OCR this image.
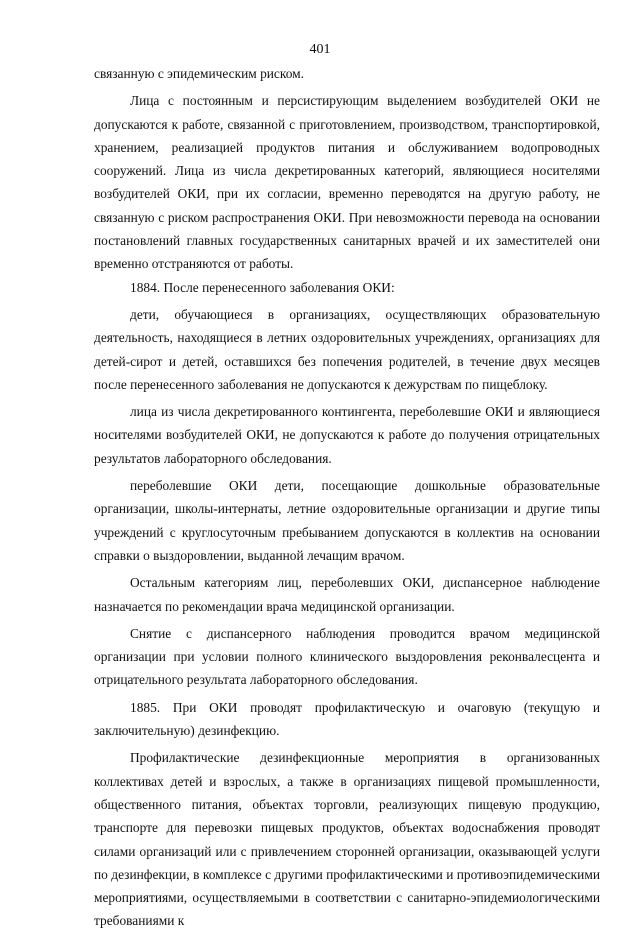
401

связанную с эпидемическим риском.

Лица с постоянным и персистирующим выделением возбудителей ОКИ не допускаются к работе, связанной с приготовлением, производством, транспортировкой, хранением, реализацией продуктов питания и обслуживанием водопроводных сооружений. Лица из числа декретированных категорий, являющиеся носителями возбудителей ОКИ, при их согласии, временно переводятся на другую работу, не связанную с риском распространения ОКИ. При невозможности перевода на основании постановлений главных государственных санитарных врачей и их заместителей они временно отстраняются от работы.

1884. После перенесенного заболевания ОКИ:

дети, обучающиеся в организациях, осуществляющих образовательную деятельность, находящиеся в летних оздоровительных учреждениях, организациях для детей-сирот и детей, оставшихся без попечения родителей, в течение двух месяцев после перенесенного заболевания не допускаются к дежурствам по пищеблоку.

лица из числа декретированного контингента, переболевшие ОКИ и являющиеся носителями возбудителей ОКИ, не допускаются к работе до получения отрицательных результатов лабораторного обследования.

переболевшие ОКИ дети, посещающие дошкольные образовательные организации, школы-интернаты, летние оздоровительные организации и другие типы учреждений с круглосуточным пребыванием допускаются в коллектив на основании справки о выздоровлении, выданной лечащим врачом.

Остальным категориям лиц, переболевших ОКИ, диспансерное наблюдение назначается по рекомендации врача медицинской организации.

Снятие с диспансерного наблюдения проводится врачом медицинской организации при условии полного клинического выздоровления реконвалесцента и отрицательного результата лабораторного обследования.

1885. При ОКИ проводят профилактическую и очаговую (текущую и заключительную) дезинфекцию.

Профилактические дезинфекционные мероприятия в организованных коллективах детей и взрослых, а также в организациях пищевой промышленности, общественного питания, объектах торговли, реализующих пищевую продукцию, транспорте для перевозки пищевых продуктов, объектах водоснабжения проводят силами организаций или с привлечением сторонней организации, оказывающей услуги по дезинфекции, в комплексе с другими профилактическими и противоэпидемическими мероприятиями, осуществляемыми в соответствии с санитарно-эпидемиологическими требованиями к
